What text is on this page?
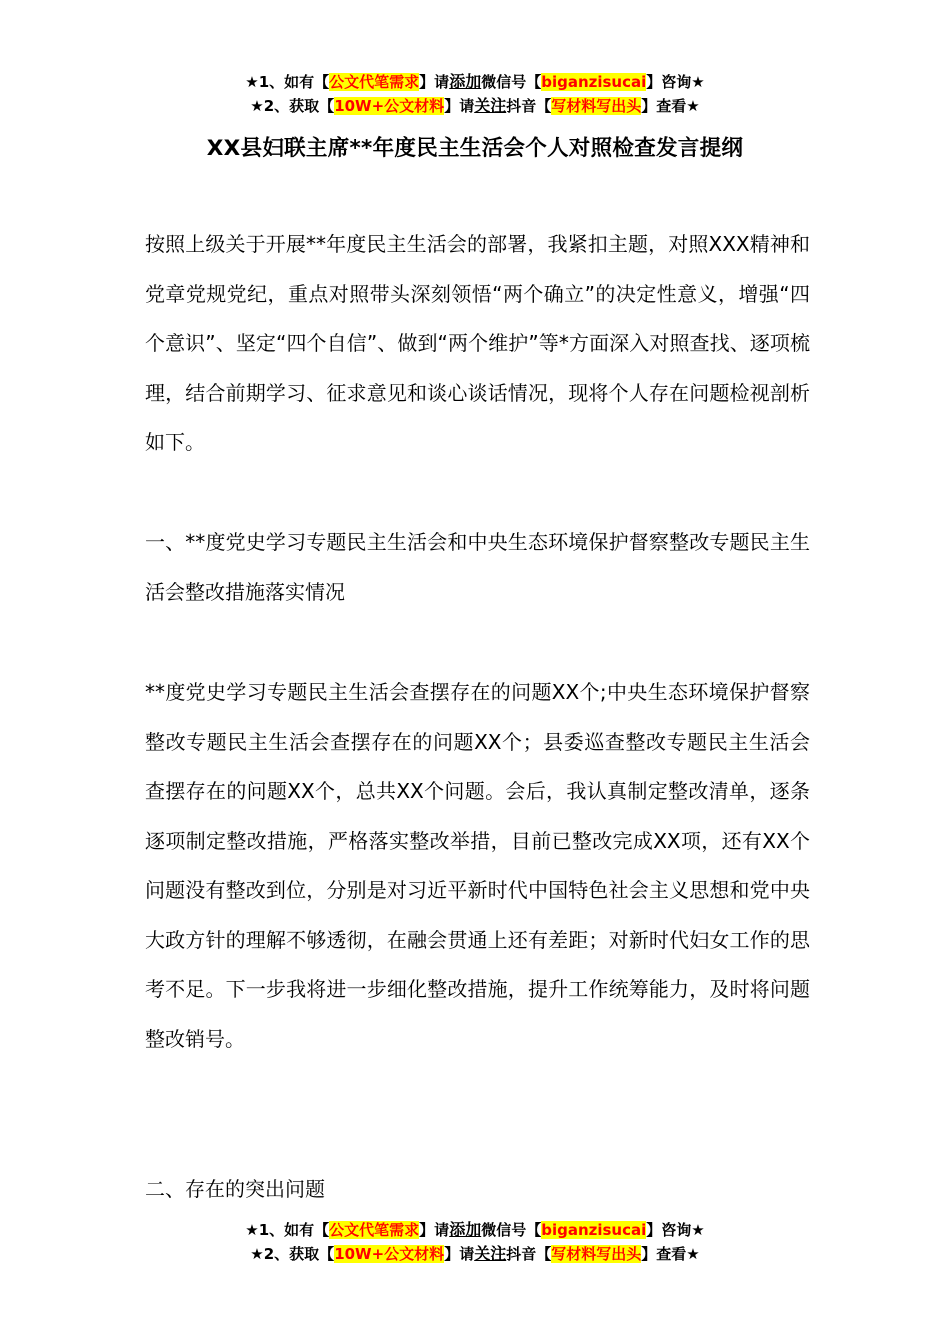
★1、如有【公文代笔需求】请添加微信号【biganzisucai】咨询★
★2、获取【10W+公文材料】请关注抖音【写材料写出头】查看★
XX县妇联主席**年度民主生活会个人对照检查发言提纲

按照上级关于开展**年度民主生活会的部署，我紧扣主题，对照XXX精神和党章党规党纪，重点对照带头深刻领悟“两个确立”的决定性意义，增强“四个意识”、坚定“四个自信”、做到“两个维护”等*方面深入对照查找、逐项梳理，结合前期学习、征求意见和谈心谈话情况，现将个人存在问题检视剖析如下。

一、**度党史学习专题民主生活会和中央生态环境保护督察整改专题民主生活会整改措施落实情况

**度党史学习专题民主生活会查摆存在的问题XX个;中央生态环境保护督察整改专题民主生活会查摆存在的问题XX个；县委巡查整改专题民主生活会查摆存在的问题XX个，总共XX个问题。会后，我认真制定整改清单，逐条逐项制定整改措施，严格落实整改举措，目前已整改完成XX项，还有XX个问题没有整改到位，分别是对习近平新时代中国特色社会主义思想和党中央大政方针的理解不够透彻，在融会贯通上还有差距；对新时代妇女工作的思考不足。下一步我将进一步细化整改措施，提升工作统筹能力，及时将问题整改销号。

二、存在的突出问题

★1、如有【公文代笔需求】请添加微信号【biganzisucai】咨询★
★2、获取【10W+公文材料】请关注抖音【写材料写出头】查看★
